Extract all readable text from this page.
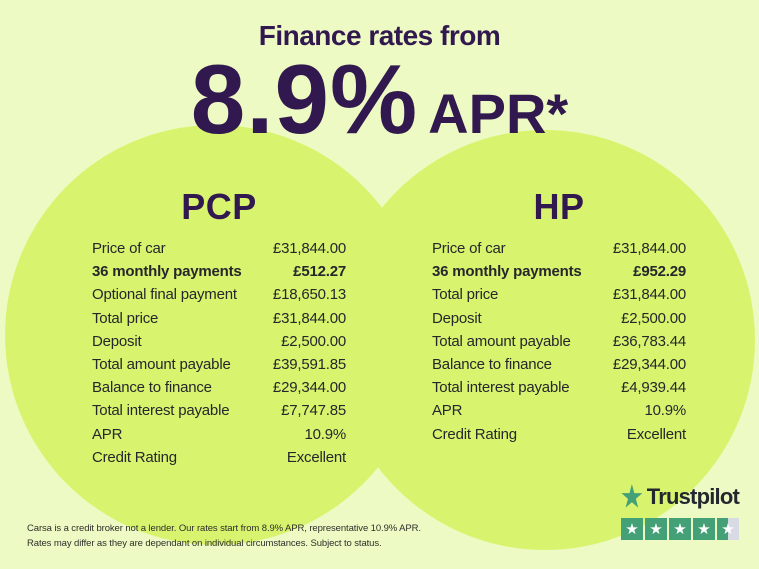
Finance rates from
8.9% APR *
PCP
Price of car	£31,844.00
36 monthly payments	£512.27
Optional final payment £18,650.13
Total price	£31,844.00
Deposit	£2,500.00
Total amount payable	£39,591.85
Balance to finance	£29,344.00
Total interest payable	£7,747.85
APR	10.9%
Credit Rating	Excellent
HP
Price of car	£31,844.00
36 monthly payments	£952.29
Total price	£31,844.00
Deposit	£2,500.00
Total amount payable	£36,783.44
Balance to finance	£29,344.00
Total interest payable	£4,939.44
APR	10.9%
Credit Rating	Excellent

Carsa is a credit broker not a lender. Our rates start from 8.9% APR, representative 10.9% APR.
Rates may differ as they are dependant on individual circumstances. Subject to status.

Trustpilot
★ ★ ★ ★ ★
